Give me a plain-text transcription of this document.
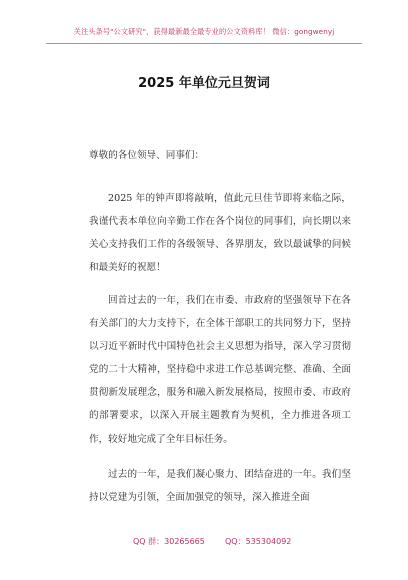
关注头条号"公文研究"，获得最新最全最专业的公文资料库！ 微信：gongwenyj
2025 年单位元旦贺词
尊敬的各位领导、同事们：
2025 年的钟声即将敲响，值此元旦佳节即将来临之际，我谨代表本单位向辛勤工作在各个岗位的同事们，向长期以来关心支持我们工作的各级领导、各界朋友，致以最诚挚的问候和最美好的祝愿！
回首过去的一年，我们在市委、市政府的坚强领导下在各有关部门的大力支持下，在全体干部职工的共同努力下，坚持以习近平新时代中国特色社会主义思想为指导，深入学习贯彻党的二十大精神，坚持稳中求进工作总基调完整、准确、全面贯彻新发展理念，服务和融入新发展格局，按照市委、市政府的部署要求，以深入开展主题教育为契机，全力推进各项工作，较好地完成了全年目标任务。
过去的一年，是我们凝心聚力、团结奋进的一年。我们坚持以党建为引领，全面加强党的领导，深入推进全面
QQ 群：30265665	QQ：535304092
